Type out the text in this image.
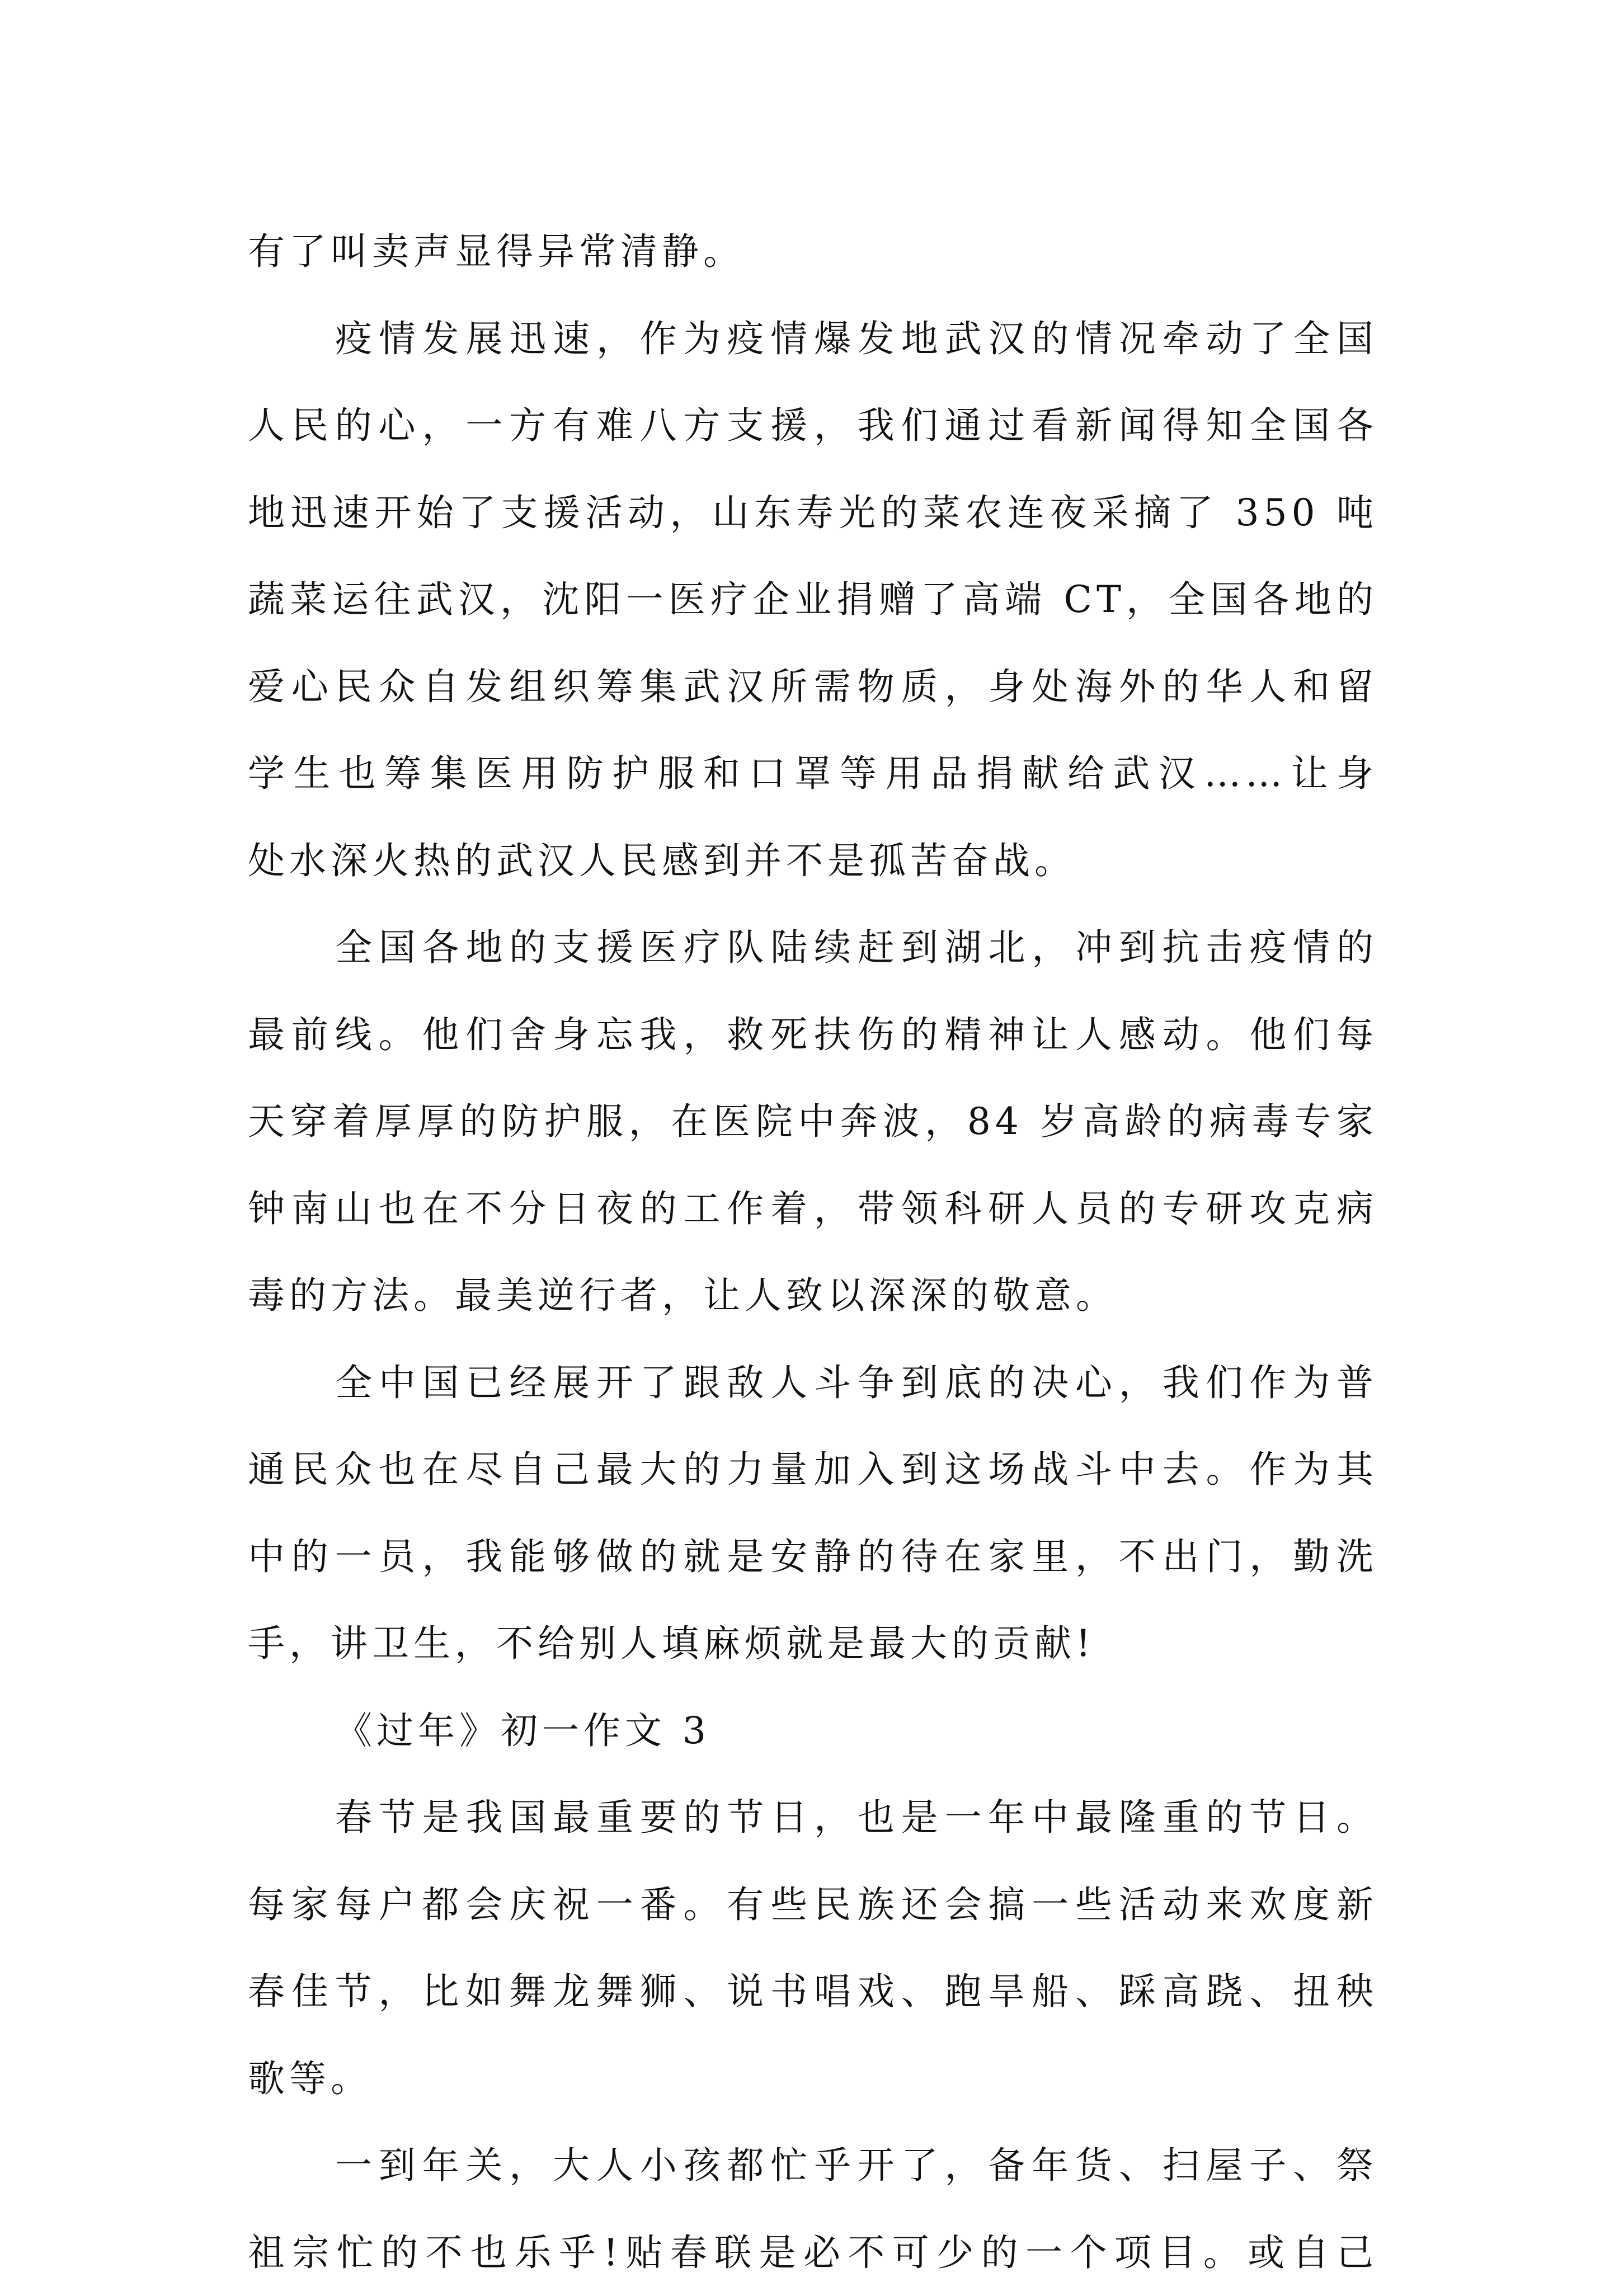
有了叫卖声显得异常清静。
疫情发展迅速，作为疫情爆发地武汉的情况牵动了全国
人民的心，一方有难八方支援，我们通过看新闻得知全国各
地迅速开始了支援活动，山东寿光的菜农连夜采摘了 350 吨
蔬菜运往武汉，沈阳一医疗企业捐赠了高端 CT，全国各地的
爱心民众自发组织筹集武汉所需物质，身处海外的华人和留
学生也筹集医用防护服和口罩等用品捐献给武汉……让身
处水深火热的武汉人民感到并不是孤苦奋战。
全国各地的支援医疗队陆续赶到湖北，冲到抗击疫情的
最前线。他们舍身忘我，救死扶伤的精神让人感动。他们每
天穿着厚厚的防护服，在医院中奔波，84 岁高龄的病毒专家
钟南山也在不分日夜的工作着，带领科研人员的专研攻克病
毒的方法。最美逆行者，让人致以深深的敬意。
全中国已经展开了跟敌人斗争到底的决心，我们作为普
通民众也在尽自己最大的力量加入到这场战斗中去。作为其
中的一员，我能够做的就是安静的待在家里，不出门，勤洗
手，讲卫生，不给别人填麻烦就是最大的贡献!
《过年》初一作文 3
春节是我国最重要的节日，也是一年中最隆重的节日。
每家每户都会庆祝一番。有些民族还会搞一些活动来欢度新
春佳节，比如舞龙舞狮、说书唱戏、跑旱船、踩高跷、扭秧
歌等。
一到年关，大人小孩都忙乎开了，备年货、扫屋子、祭
祖宗忙的不也乐乎!贴春联是必不可少的一个项目。或自己
